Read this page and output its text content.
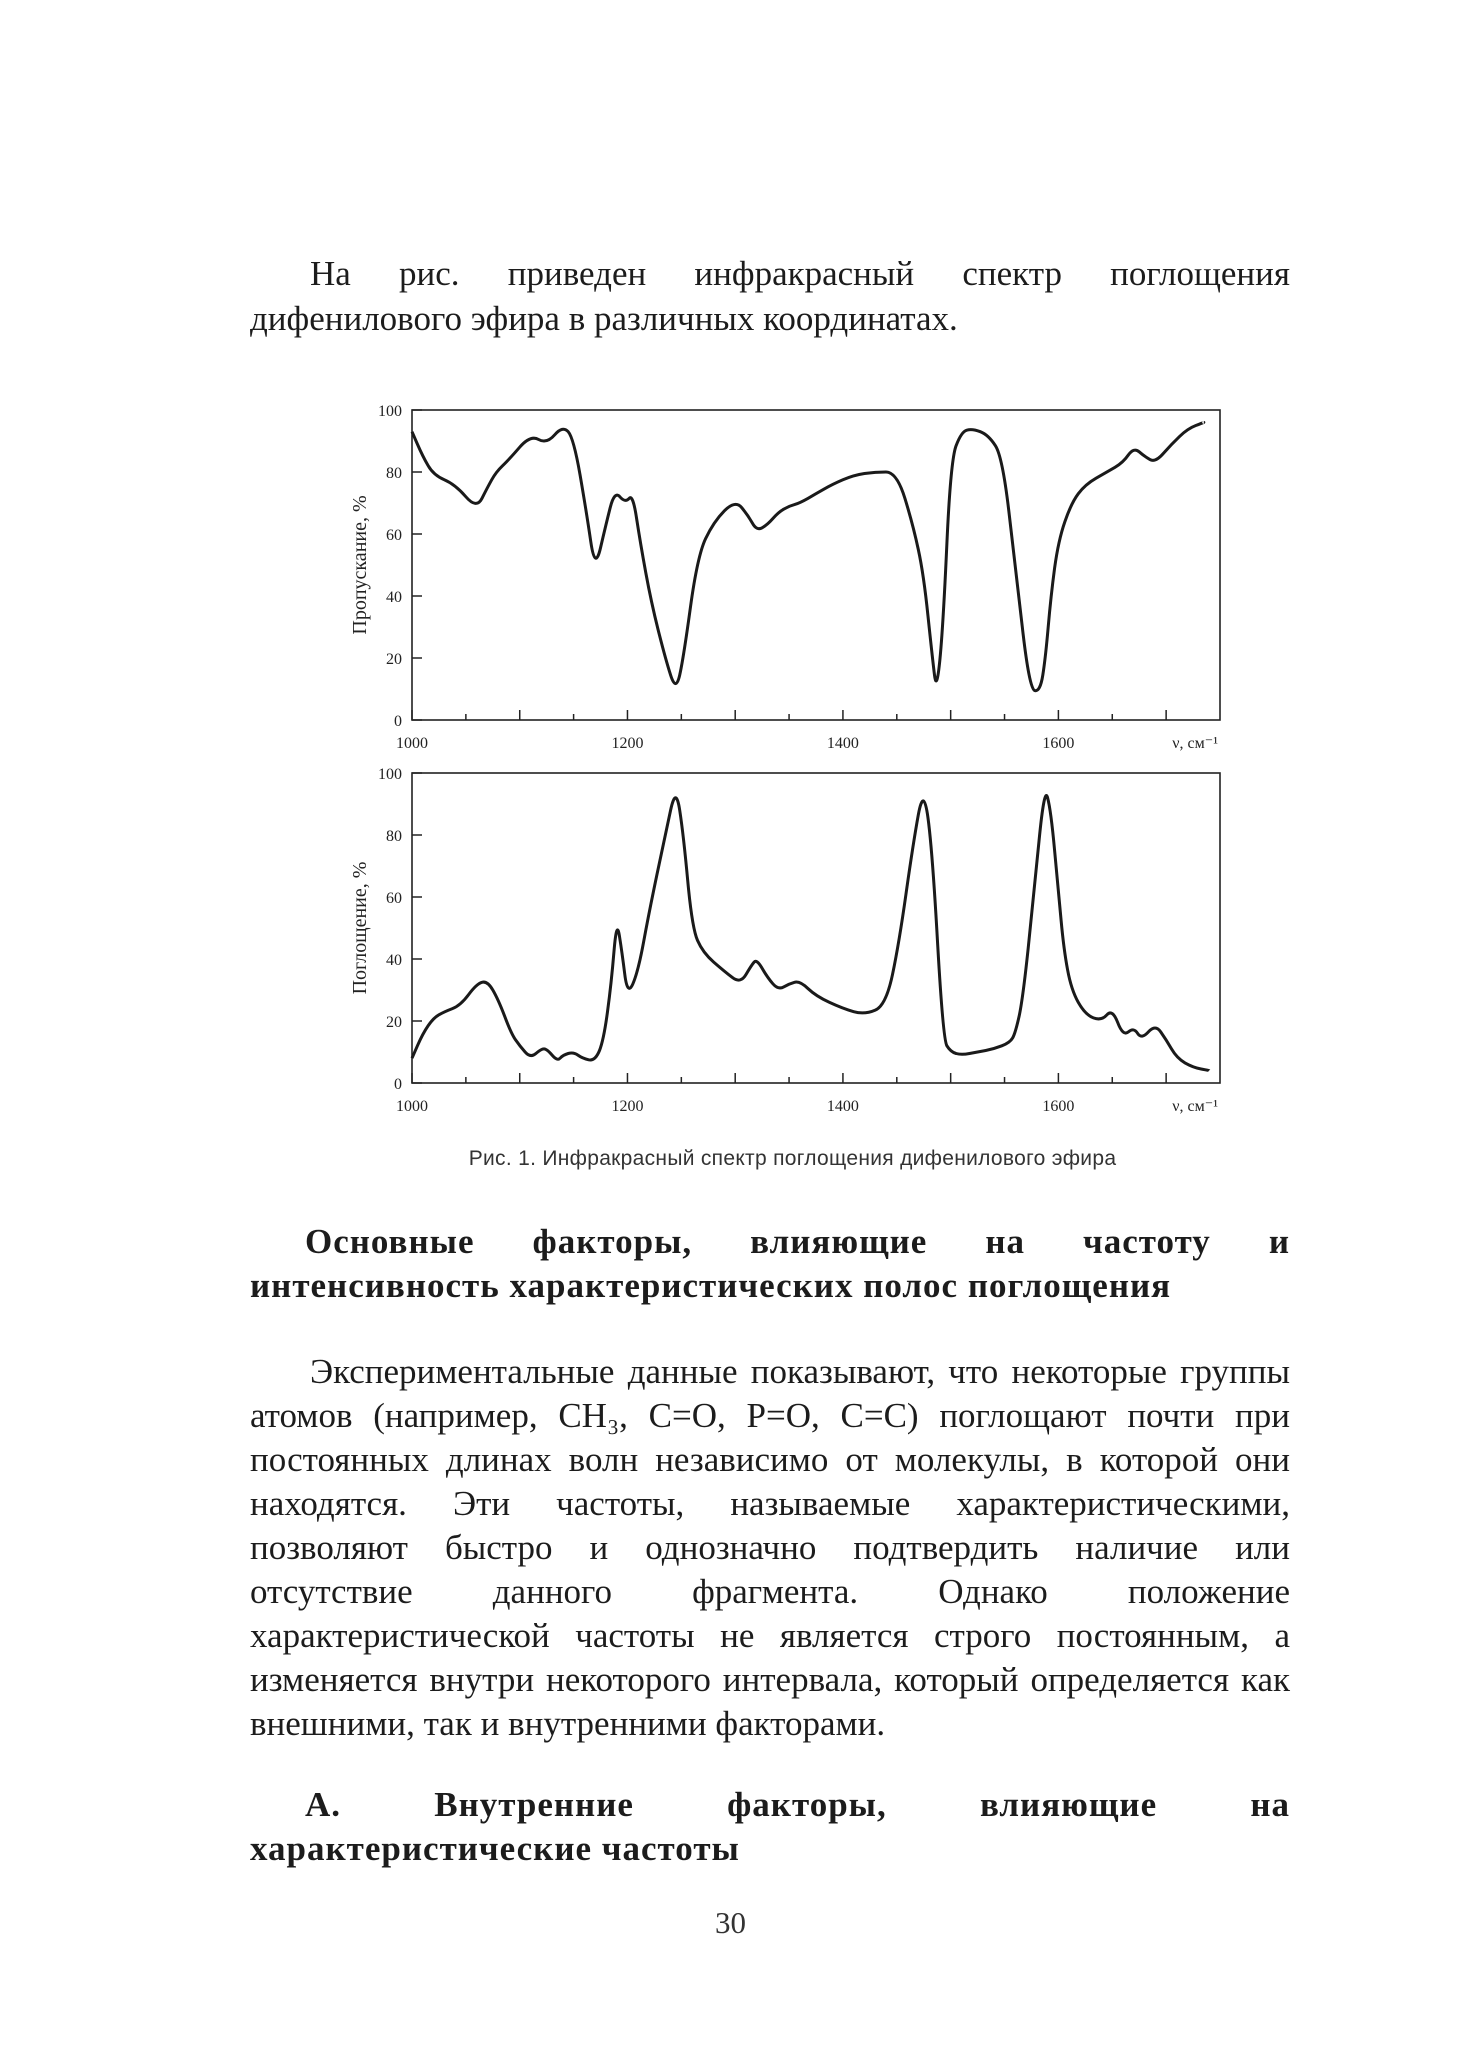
На рис. приведен инфракрасный спектр поглощения дифенилового эфира в различных координатах.

0
20
40
60
80
100
1000	1200	1400	1600	ν, см⁻¹
Пропускание, %
0
20
40
60
80
100
1000	1200	1400	1600	ν, см⁻¹
Поглощение, %
Рис. 1. Инфракрасный спектр поглощения дифенилового эфира
Основные факторы, влияющие на частоту и интенсивность характеристических полос поглощения

Экспериментальные данные показывают, что некоторые группы атомов (например, CH₃, C=O, P=O, C=C) поглощают почти при постоянных длинах волн независимо от молекулы, в которой они находятся. Эти частоты, называемые характеристическими, позволяют быстро и однозначно подтвердить наличие или отсутствие данного фрагмента. Однако положение характеристической частоты не является строго постоянным, а изменяется внутри некоторого интервала, который определяется как внешними, так и внутренними факторами.

А. Внутренние факторы, влияющие на характеристические частоты
30
